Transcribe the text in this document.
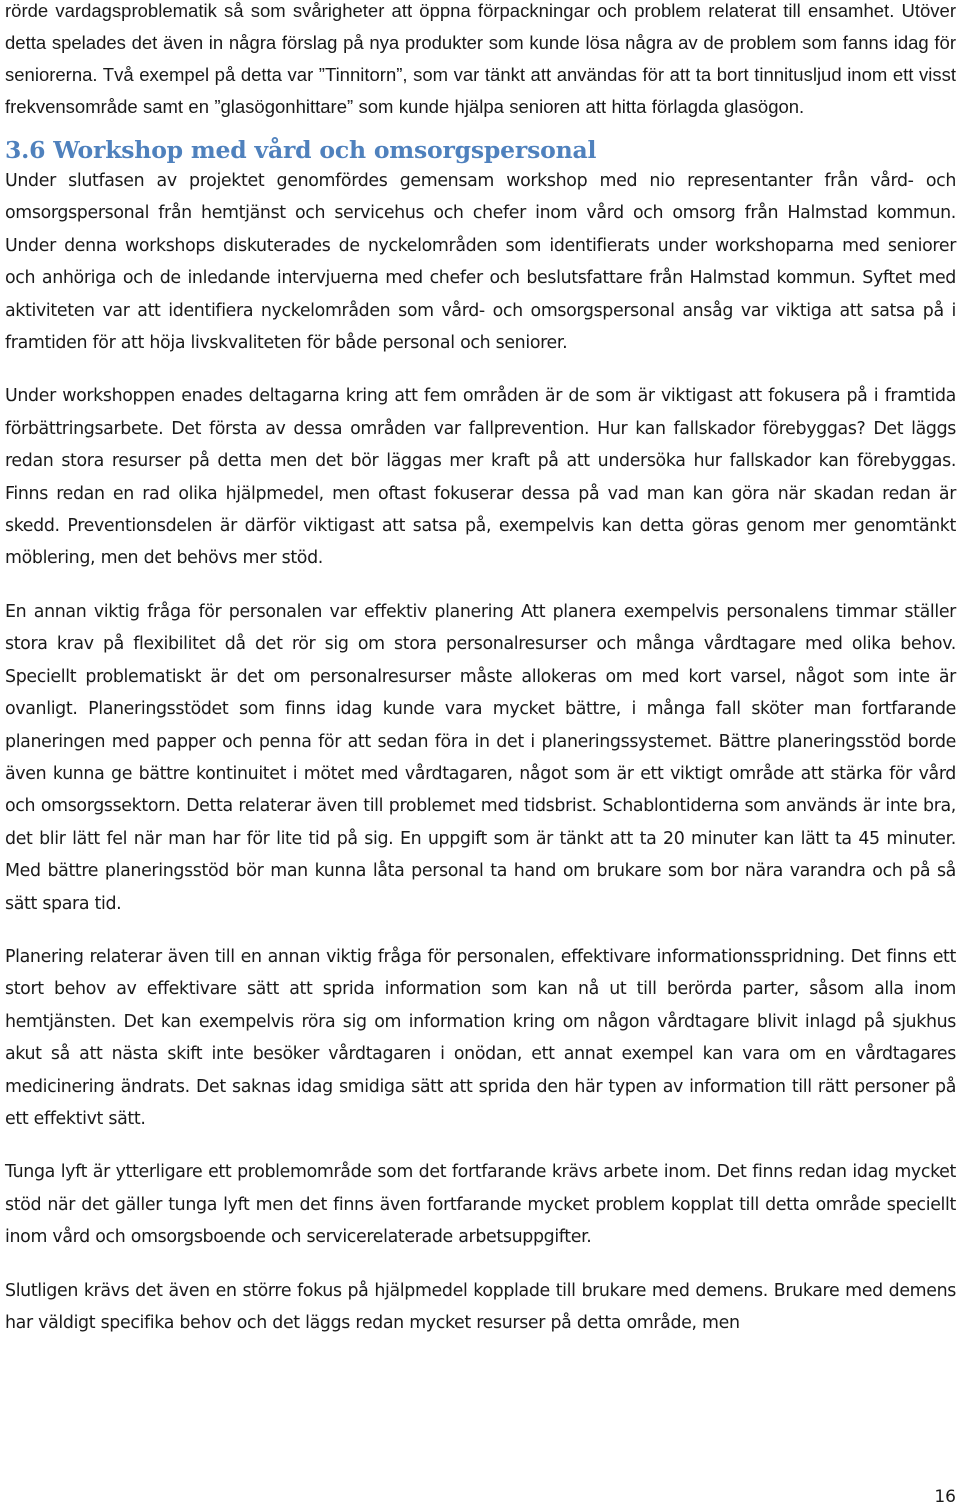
rörde vardagsproblematik så som svårigheter att öppna förpackningar och problem relaterat till ensamhet. Utöver detta spelades det även in några förslag på nya produkter som kunde lösa några av de problem som fanns idag för seniorerna. Två exempel på detta var ”Tinnitorn”, som var tänkt att användas för att ta bort tinnitusljud inom ett visst frekvensområde samt en ”glasögonhittare” som kunde hjälpa senioren att hitta förlagda glasögon.

3.6 Workshop med vård och omsorgspersonal

Under slutfasen av projektet genomfördes gemensam workshop med nio representanter från vård- och omsorgspersonal från hemtjänst och servicehus och chefer inom vård och omsorg från Halmstad kommun. Under denna workshops diskuterades de nyckelområden som identifierats under workshoparna med seniorer och anhöriga och de inledande intervjuerna med chefer och beslutsfattare från Halmstad kommun. Syftet med aktiviteten var att identifiera nyckelområden som vård- och omsorgspersonal ansåg var viktiga att satsa på i framtiden för att höja livskvaliteten för både personal och seniorer.

Under workshoppen enades deltagarna kring att fem områden är de som är viktigast att fokusera på i framtida förbättringsarbete. Det första av dessa områden var fallprevention. Hur kan fallskador förebyggas? Det läggs redan stora resurser på detta men det bör läggas mer kraft på att undersöka hur fallskador kan förebyggas. Finns redan en rad olika hjälpmedel, men oftast fokuserar dessa på vad man kan göra när skadan redan är skedd. Preventionsdelen är därför viktigast att satsa på, exempelvis kan detta göras genom mer genomtänkt möblering, men det behövs mer stöd.

En annan viktig fråga för personalen var effektiv planering Att planera exempelvis personalens timmar ställer stora krav på flexibilitet då det rör sig om stora personalresurser och många vårdtagare med olika behov. Speciellt problematiskt är det om personalresurser måste allokeras om med kort varsel, något som inte är ovanligt. Planeringsstödet som finns idag kunde vara mycket bättre, i många fall sköter man fortfarande planeringen med papper och penna för att sedan föra in det i planeringssystemet. Bättre planeringsstöd borde även kunna ge bättre kontinuitet i mötet med vårdtagaren, något som är ett viktigt område att stärka för vård och omsorgssektorn. Detta relaterar även till problemet med tidsbrist. Schablontiderna som används är inte bra, det blir lätt fel när man har för lite tid på sig. En uppgift som är tänkt att ta 20 minuter kan lätt ta 45 minuter. Med bättre planeringsstöd bör man kunna låta personal ta hand om brukare som bor nära varandra och på så sätt spara tid.

Planering relaterar även till en annan viktig fråga för personalen, effektivare informationsspridning. Det finns ett stort behov av effektivare sätt att sprida information som kan nå ut till berörda parter, såsom alla inom hemtjänsten. Det kan exempelvis röra sig om information kring om någon vårdtagare blivit inlagd på sjukhus akut så att nästa skift inte besöker vårdtagaren i onödan, ett annat exempel kan vara om en vårdtagares medicinering ändrats. Det saknas idag smidiga sätt att sprida den här typen av information till rätt personer på ett effektivt sätt.

Tunga lyft är ytterligare ett problemområde som det fortfarande krävs arbete inom. Det finns redan idag mycket stöd när det gäller tunga lyft men det finns även fortfarande mycket problem kopplat till detta område speciellt inom vård och omsorgsboende och servicerelaterade arbetsuppgifter.

Slutligen krävs det även en större fokus på hjälpmedel kopplade till brukare med demens. Brukare med demens har väldigt specifika behov och det läggs redan mycket resurser på detta område, men

16
